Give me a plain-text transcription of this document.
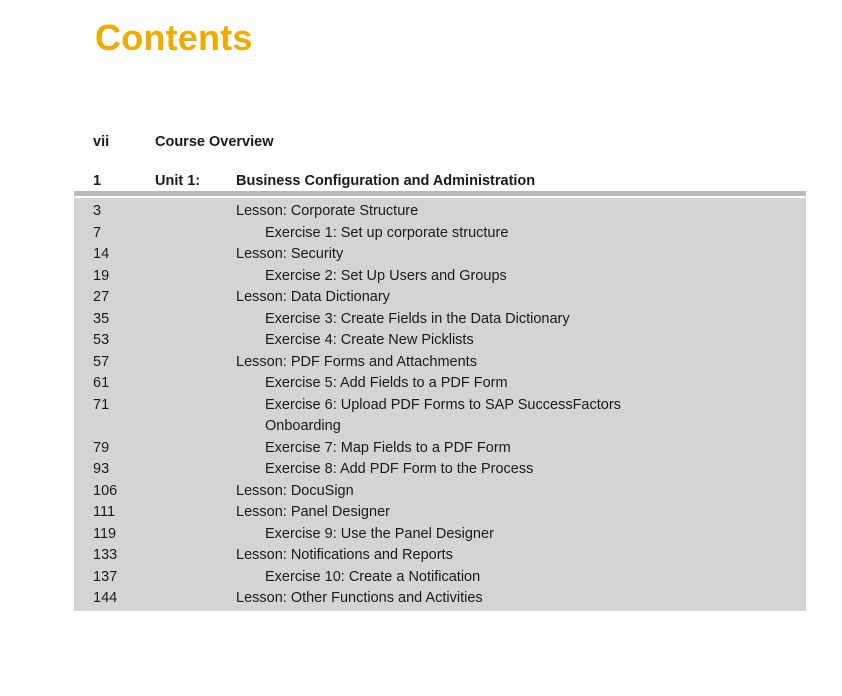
Contents
vii	Course Overview
1	Unit 1: Business Configuration and Administration
3	Lesson: Corporate Structure
7	Exercise 1: Set up corporate structure
14	Lesson: Security
19	Exercise 2: Set Up Users and Groups
27	Lesson: Data Dictionary
35	Exercise 3: Create Fields in the Data Dictionary
53	Exercise 4: Create New Picklists
57	Lesson: PDF Forms and Attachments
61	Exercise 5: Add Fields to a PDF Form
71	Exercise 6: Upload PDF Forms to SAP SuccessFactors Onboarding
79	Exercise 7: Map Fields to a PDF Form
93	Exercise 8: Add PDF Form to the Process
106	Lesson: DocuSign
111	Lesson: Panel Designer
119	Exercise 9: Use the Panel Designer
133	Lesson: Notifications and Reports
137	Exercise 10: Create a Notification
144	Lesson: Other Functions and Activities
